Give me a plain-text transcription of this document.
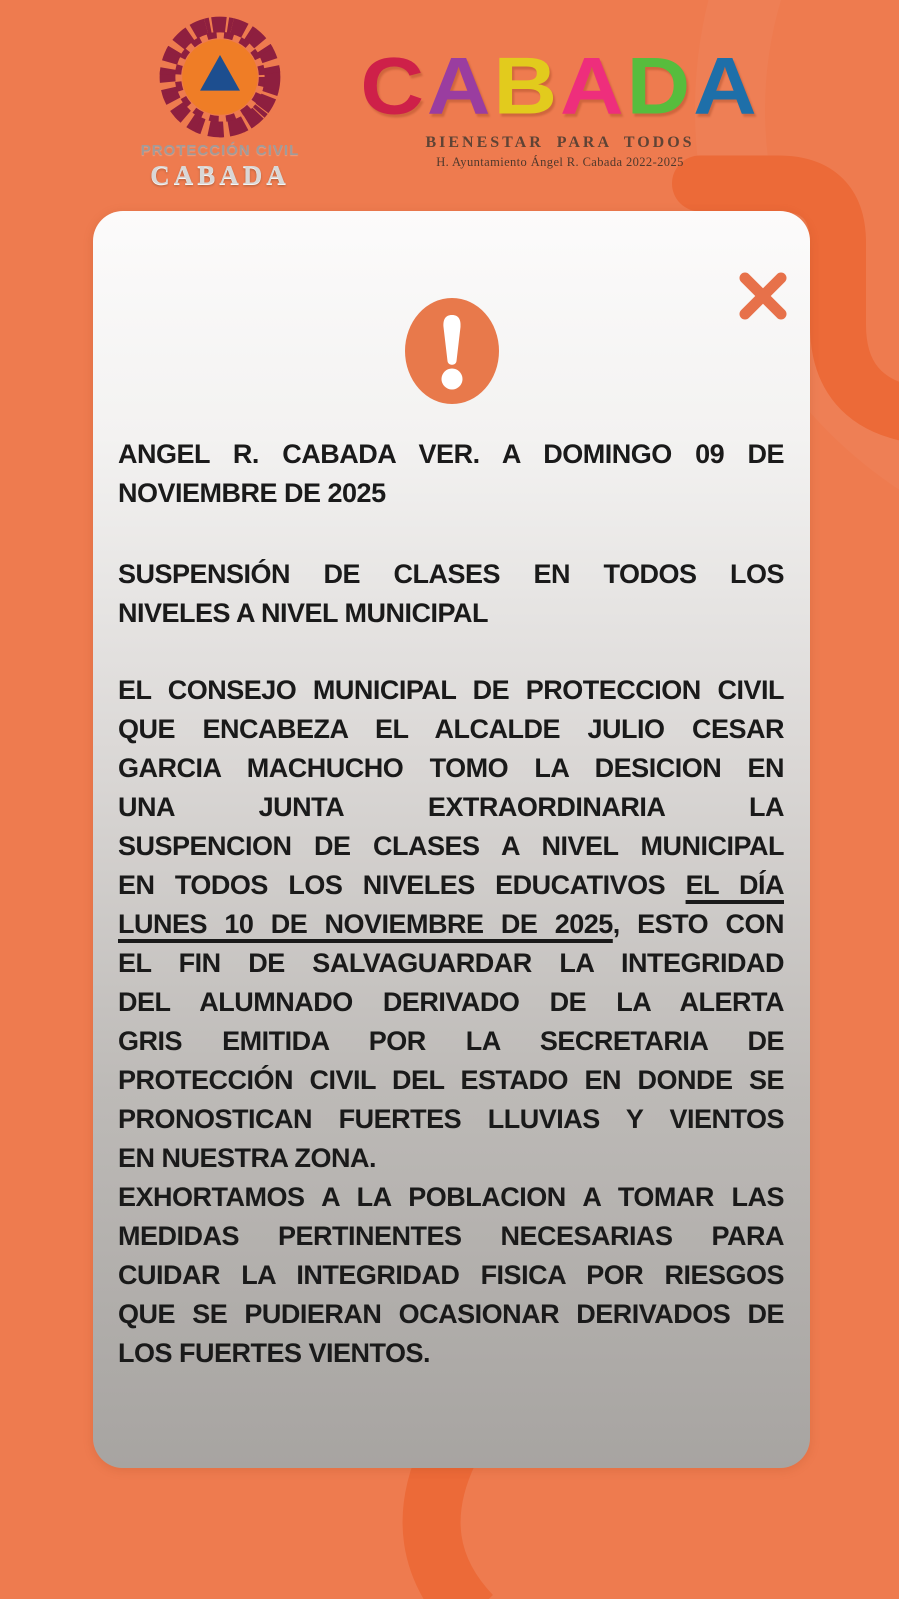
PROTECCIÓN CIVIL
CABADA
CABADA
BIENESTAR PARA TODOS
H. Ayuntamiento Ángel R. Cabada 2022-2025
ANGEL R. CABADA VER. A DOMINGO 09 DE
NOVIEMBRE DE 2025
SUSPENSIÓN DE CLASES EN TODOS LOS
NIVELES A NIVEL MUNICIPAL
EL CONSEJO MUNICIPAL DE PROTECCION CIVIL
QUE ENCABEZA EL ALCALDE JULIO CESAR
GARCIA MACHUCHO TOMO LA DESICION EN
UNA JUNTA EXTRAORDINARIA LA
SUSPENCION DE CLASES A NIVEL MUNICIPAL
EN TODOS LOS NIVELES EDUCATIVOS EL DÍA
LUNES 10 DE NOVIEMBRE DE 2025, ESTO CON
EL FIN DE SALVAGUARDAR LA INTEGRIDAD
DEL ALUMNADO DERIVADO DE LA ALERTA
GRIS EMITIDA POR LA SECRETARIA DE
PROTECCIÓN CIVIL DEL ESTADO EN DONDE SE
PRONOSTICAN FUERTES LLUVIAS Y VIENTOS
EN NUESTRA ZONA.
EXHORTAMOS A LA POBLACION A TOMAR LAS
MEDIDAS PERTINENTES NECESARIAS PARA
CUIDAR LA INTEGRIDAD FISICA POR RIESGOS
QUE SE PUDIERAN OCASIONAR DERIVADOS DE
LOS FUERTES VIENTOS.
